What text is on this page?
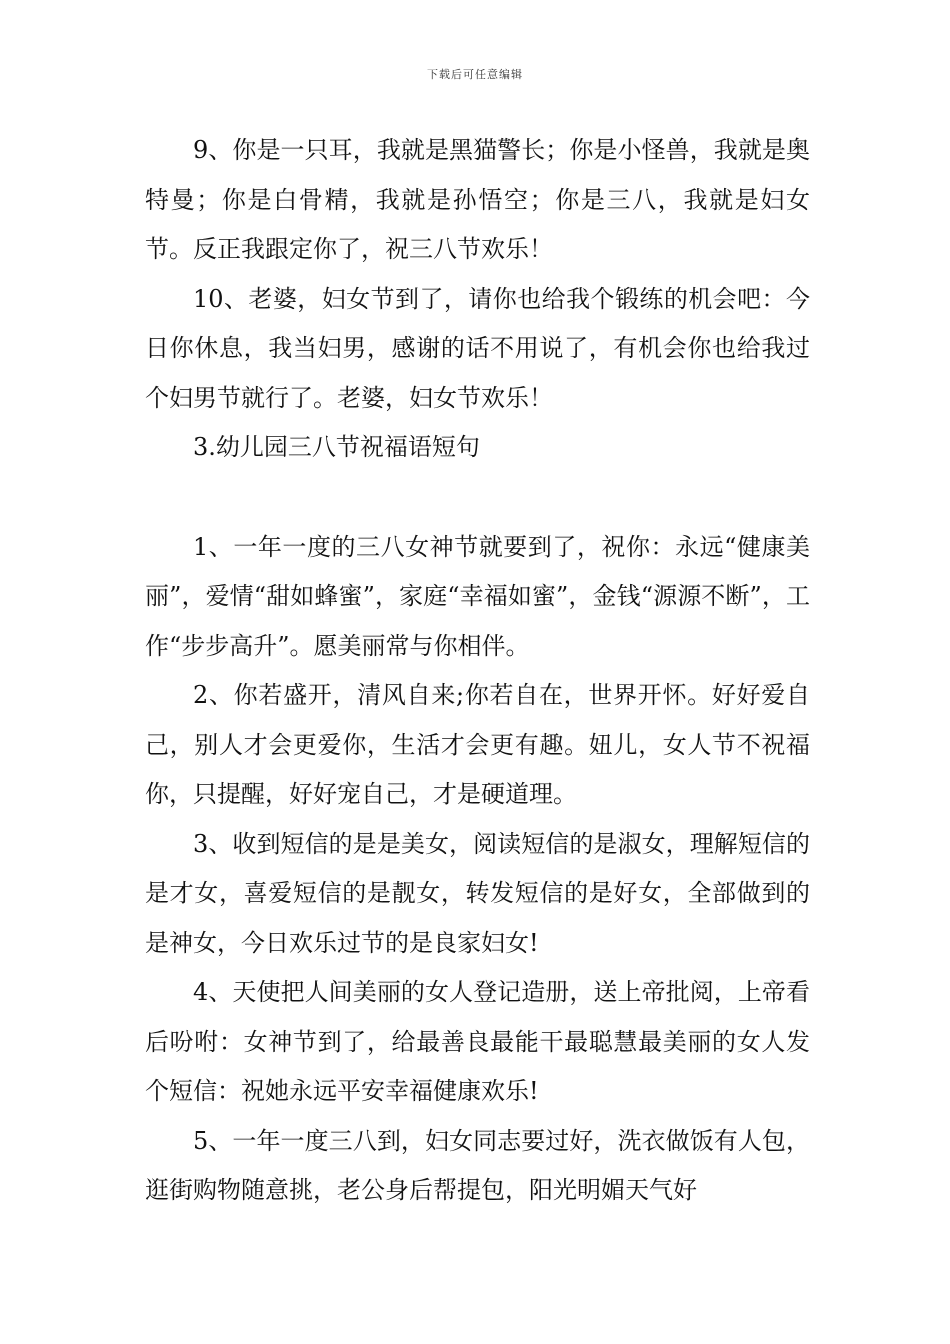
下载后可任意编辑

9、你是一只耳，我就是黑猫警长；你是小怪兽，我就是奥特曼；你是白骨精，我就是孙悟空；你是三八，我就是妇女节。反正我跟定你了，祝三八节欢乐！

10、老婆，妇女节到了，请你也给我个锻练的机会吧：今日你休息，我当妇男，感谢的话不用说了，有机会你也给我过个妇男节就行了。老婆，妇女节欢乐！

3.幼儿园三八节祝福语短句

1、一年一度的三八女神节就要到了，祝你：永远“健康美丽”，爱情“甜如蜂蜜”，家庭“幸福如蜜”，金钱“源源不断”，工作“步步高升”。愿美丽常与你相伴。

2、你若盛开，清风自来;你若自在，世界开怀。好好爱自己，别人才会更爱你，生活才会更有趣。妞儿，女人节不祝福你，只提醒，好好宠自己，才是硬道理。

3、收到短信的是是美女，阅读短信的是淑女，理解短信的是才女，喜爱短信的是靓女，转发短信的是好女，全部做到的是神女，今日欢乐过节的是良家妇女!

4、天使把人间美丽的女人登记造册，送上帝批阅，上帝看后吩咐：女神节到了，给最善良最能干最聪慧最美丽的女人发个短信：祝她永远平安幸福健康欢乐!

5、一年一度三八到，妇女同志要过好，洗衣做饭有人包，逛街购物随意挑，老公身后帮提包，阳光明媚天气好
